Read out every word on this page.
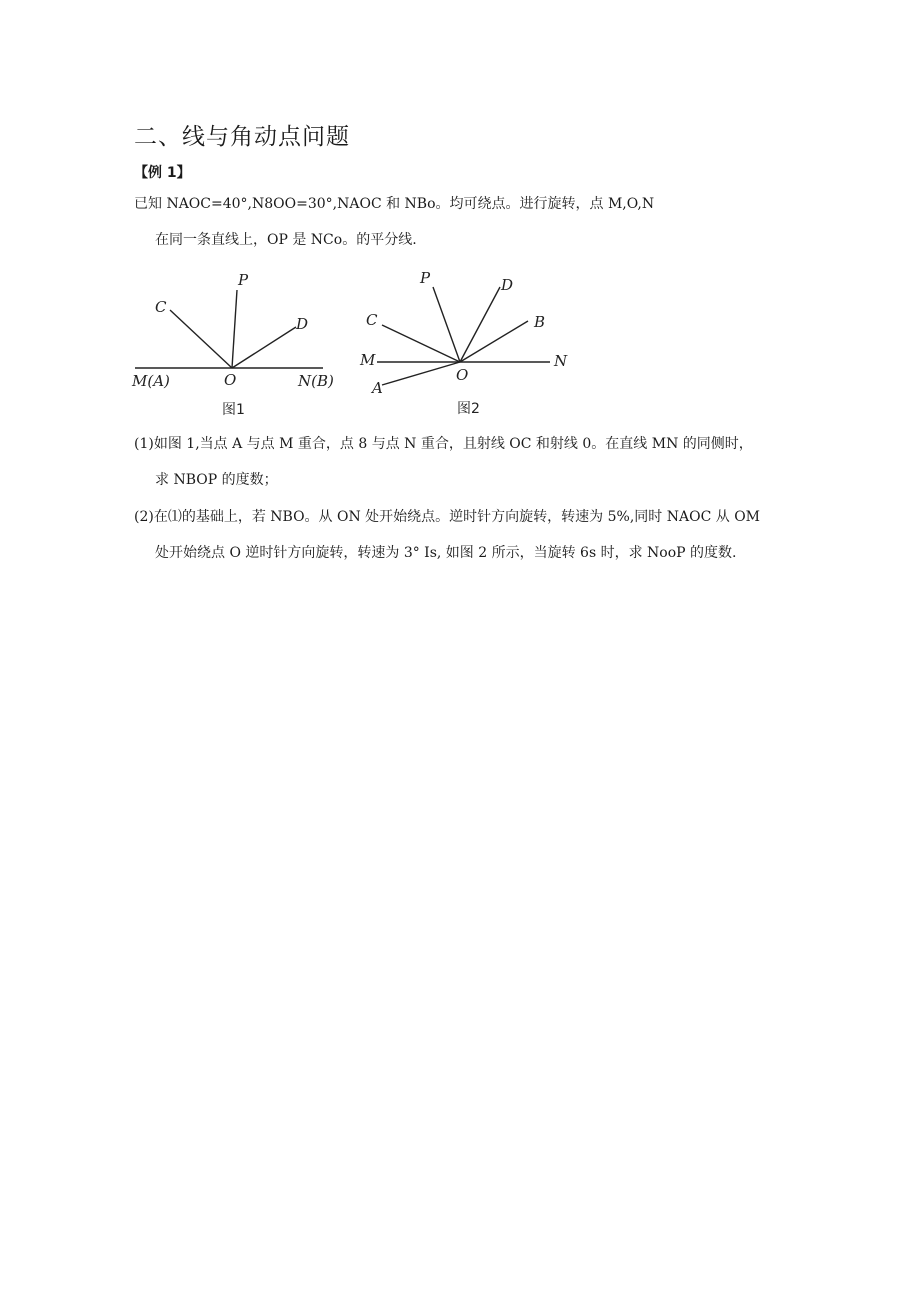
二、线与角动点问题
【例 1】
已知 NAOC=40°,N8OO=30°,NAOC 和 NBo。均可绕点。进行旋转，点 M,O,N
在同一条直线上，OP 是 NCo。的平分线.
C
P
D
M(A)	O	N(B)
图1
P	D
C	B
M	N
O
A
图2
(1)如图 1,当点 A 与点 M 重合，点 8 与点 N 重合，且射线 OC 和射线 0。在直线 MN 的同侧时，
求 NBOP 的度数；
(2)在⑴的基础上，若 NBO。从 ON 处开始绕点。逆时针方向旋转，转速为 5%,同时 NAOC 从 OM
处开始绕点 O 逆时针方向旋转，转速为 3° Is, 如图 2 所示，当旋转 6s 时，求 NooP 的度数.
